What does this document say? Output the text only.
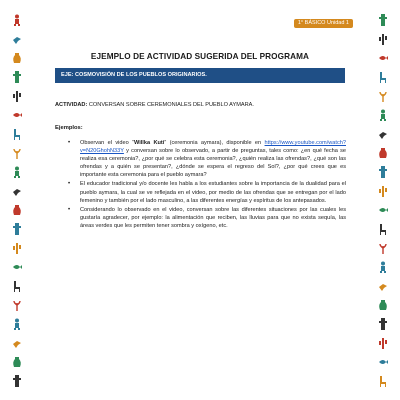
1° BÁSICO Unidad 1
EJEMPLO DE ACTIVIDAD SUGERIDA DEL PROGRAMA
EJE: COSMOVISIÓN DE LOS PUEBLOS ORIGINARIOS.
ACTIVIDAD: CONVERSAN SOBRE CEREMONIALES DEL PUEBLO AYMARA.
Ejemplos:
• Observan el video “Willka Kuti” (ceremonia aymara), disponible en https://www.youtube.com/watch?v=N20GhohN33Y y conversan sobre lo observado, a partir de preguntas, tales como: ¿en qué fecha se realiza esa ceremonia?, ¿por qué se celebra esta ceremonia?, ¿quién realiza las ofrendas?, ¿qué son las ofrendas y a quién se presentan?, ¿dónde se espera el regreso del Sol?, ¿por qué crees que es importante esta ceremonia para el pueblo aymara?
• El educador tradicional y/o docente les habla a los estudiantes sobre la importancia de la dualidad para el pueblo aymara, la cual se ve reflejada en el video, por medio de las ofrendas que se entregan por el lado femenino y también por el lado masculino, a las diferentes energías y espíritus de los antepasados.
• Considerando lo observado en el video, conversan sobre las diferentes situaciones por las cuales les gustaría agradecer, por ejemplo: la alimentación que reciben, las lluvias para que no exista sequía, las áreas verdes que les permiten tener sombra y oxígeno, etc.
